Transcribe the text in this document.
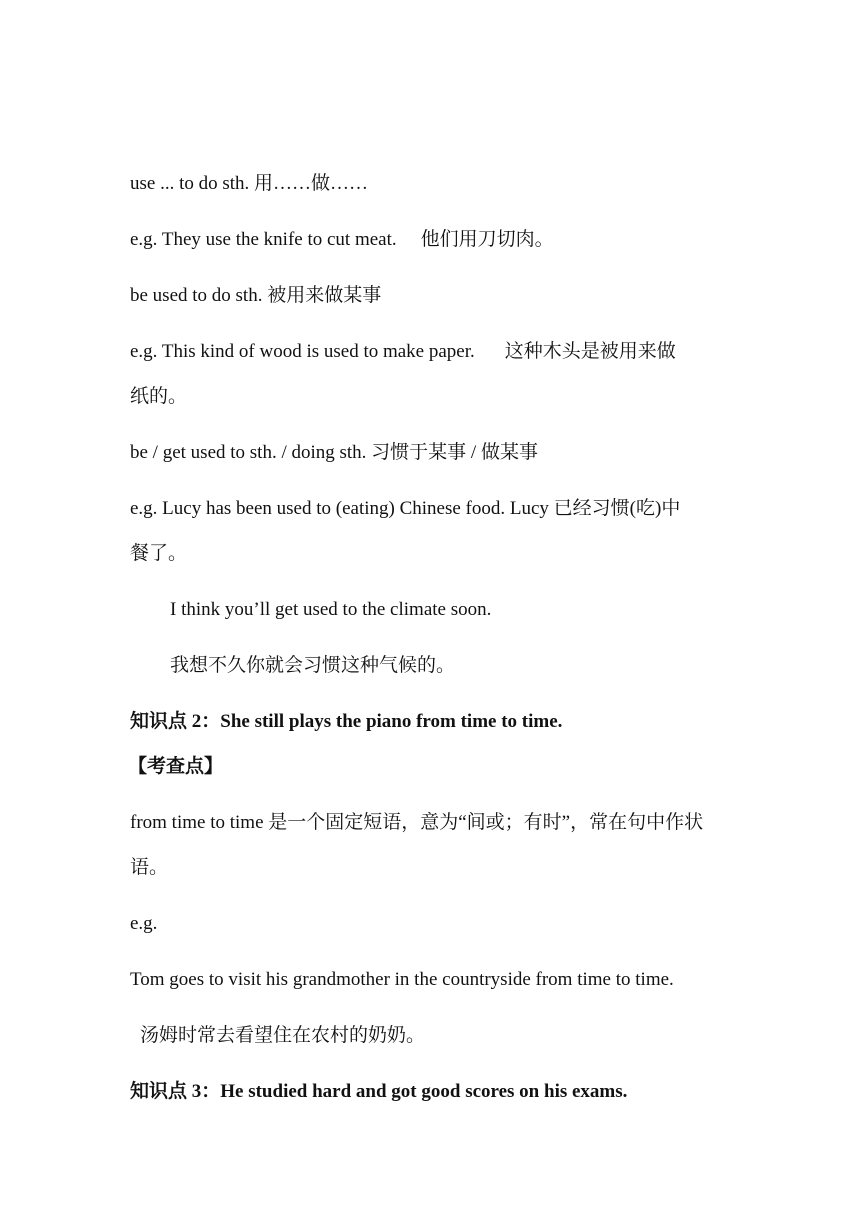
use ... to do sth. 用……做……
e.g. They use the knife to cut meat. 他们用刀切肉。
be used to do sth. 被用来做某事
e.g. This kind of wood is used to make paper. 这种木头是被用来做
纸的。
be / get used to sth. / doing sth. 习惯于某事 / 做某事
e.g. Lucy has been used to (eating) Chinese food. Lucy 已经习惯(吃)中
餐了。
I think you’ll get used to the climate soon.
我想不久你就会习惯这种气候的。
知识点 2：She still plays the piano from time to time.
【考查点】
from time to time 是一个固定短语，意为“间或；有时”，常在句中作状
语。
e.g.
Tom goes to visit his grandmother in the countryside from time to time.
汤姆时常去看望住在农村的奶奶。
知识点 3：He studied hard and got good scores on his exams.
